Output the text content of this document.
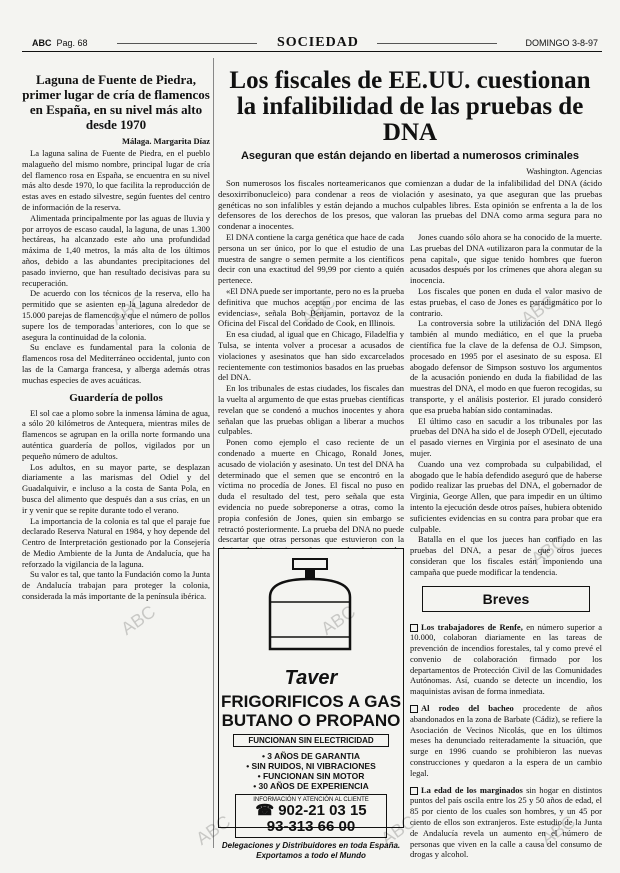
ABC Pag. 68	SOCIEDAD	DOMINGO 3-8-97
Laguna de Fuente de Piedra, primer lugar de cría de flamencos en España, en su nivel más alto desde 1970
Málaga. Margarita Díaz

La laguna salina de Fuente de Piedra, en el pueblo malagueño del mismo nombre, principal lugar de cría del flamenco rosa en España, se encuentra en su nivel más alto desde 1970, lo que facilita la reproducción de estas aves en estado silvestre, según fuentes del centro de información de la reserva.

Alimentada principalmente por las aguas de lluvia y por arroyos de escaso caudal, la laguna, de unas 1.300 hectáreas, ha alcanzado este año una profundidad máxima de 1,40 metros, la más alta de los últimos años, debido a las abundantes precipitaciones del pasado invierno, que han resultado decisivas para su recuperación.

De acuerdo con los técnicos de la reserva, ello ha permitido que se asienten en la laguna alrededor de 15.000 parejas de flamencos y que el número de pollos supere los de temporadas anteriores, con lo que se asegura la continuidad de la colonia.

Su enclave es fundamental para la colonia de flamencos rosa del Mediterráneo occidental, junto con las de la Camarga francesa, y alberga además otras muchas especies de aves acuáticas.

Guardería de pollos

El sol cae a plomo sobre la inmensa lámina de agua, a sólo 20 kilómetros de Antequera, mientras miles de flamencos se agrupan en la orilla norte formando una auténtica guardería de pollos, vigilados por un pequeño número de adultos.

Los adultos, en su mayor parte, se desplazan diariamente a las marismas del Odiel y del Guadalquivir, e incluso a la costa de Santa Pola, en busca del alimento que después dan a sus crías, en un ir y venir que se repite durante todo el verano.

La importancia de la colonia es tal que el paraje fue declarado Reserva Natural en 1984, y hoy depende del Centro de Interpretación gestionado por la Consejería de Medio Ambiente de la Junta de Andalucía, que ha reforzado la vigilancia de la laguna.

Su valor es tal, que tanto la Fundación como la Junta de Andalucía trabajan para proteger la colonia, considerada la más importante de la península ibérica.

Los fiscales de EE.UU. cuestionan la infalibilidad de las pruebas de DNA
Aseguran que están dejando en libertad a numerosos criminales
Washington. Agencias

Son numerosos los fiscales norteamericanos que comienzan a dudar de la infalibilidad del DNA (ácido desoxirribonucleico) para condenar a reos de violación y asesinato, ya que aseguran que las pruebas genéticas no son infalibles y están dejando a muchos culpables libres. Esta opinión se enfrenta a la de los defensores de los derechos de los presos, que valoran las pruebas del DNA como arma segura para no condenar a inocentes.

El DNA contiene la carga genética que hace de cada persona un ser único, por lo que el estudio de una muestra de sangre o semen permite a los científicos decir con una exactitud del 99,99 por ciento a quién pertenece.

«El DNA puede ser importante, pero no es la prueba definitiva que muchos aceptan por encima de las evidencias», señala Bob Benjamin, portavoz de la Oficina del Fiscal del Condado de Cook, en Illinois.

En esa ciudad, al igual que en Chicago, Filadelfia y Tulsa, se intenta volver a procesar a acusados de violaciones y asesinatos que han sido excarcelados recientemente con testimonios basados en las pruebas del DNA.

En los tribunales de estas ciudades, los fiscales dan la vuelta al argumento de que estas pruebas científicas revelan que se condenó a muchos inocentes y ahora señalan que las pruebas obligan a liberar a muchos culpables.

Ponen como ejemplo el caso reciente de un condenado a muerte en Chicago, Ronald Jones, acusado de violación y asesinato. Un test del DNA ha determinado que el semen que se encontró en la víctima no procedía de Jones. El fiscal no puso en duda el resultado del test, pero señala que esta evidencia no puede sobreponerse a otras, como la propia confesión de Jones, quien sin embargo se retractó posteriormente. La prueba del DNA no puede descartar que otras personas que estuvieron con la

Jones cuando sólo ahora se ha conocido de la muerte. Las pruebas del DNA «utilizaron para la conmutar de la pena capital», que sigue tenido hombres que fueron acusados después por los crímenes que ahora alegan su inocencia.

Los fiscales que ponen en duda el valor masivo de estas pruebas, el caso de Jones es paradigmático por lo contrario.

La controversia sobre la utilización del DNA llegó también al mundo mediático, en el que la prueba científica fue la clave de la defensa de O.J. Simpson, procesado en 1995 por el asesinato de su esposa. El abogado defensor de Simpson sostuvo los argumentos de la acusación poniendo en duda la fiabilidad de las muestras del DNA, el modo en que fueron recogidas, su transporte, y el análisis posterior. El jurado consideró que esa prueba habían sido contaminadas.

El último caso en sacudir a los tribunales por las pruebas del DNA ha sido el de Joseph O'Dell, ejecutado el pasado viernes en Virginia por el asesinato de una mujer.

Cuando una vez comprobada su culpabilidad, el abogado que le había defendido aseguró que de haberse podido realizar las pruebas del DNA, el gobernador de Virginia, George Allen, que para impedir en un último intento la ejecución desde otros países, hubiera obtenido suficientes evidencias en su contra para probar que era culpable.

Batalla en el que los jueces han confiado en las pruebas del DNA, a pesar de que otros jueces consideran que los fiscales están imponiendo una campaña que puede modificar la tendencia.

Breves

Los trabajadores de Renfe, en número superior a 10.000, colaboran diariamente en las tareas de prevención de incendios forestales, tal y como prevé el convenio de colaboración firmado por los departamentos de Protección Civil de las Comunidades Autónomas. Así, cuando se detecte un incendio, los maquinistas avisan de forma inmediata.

Al rodeo del bacheo procedente de años abandonados en la zona de Barbate (Cádiz), se refiere la Asociación de Vecinos Nicolás, que en los últimos meses ha denunciado reiteradamente la situación, que surge en 1996 cuando se prohibieron las nuevas construcciones y quedaron a la espera de un cambio legal.

La edad de los marginados sin hogar en distintos puntos del país oscila entre los 25 y 50 años de edad, el 85 por ciento de los cuales son hombres, y un 45 por ciento de ellos son extranjeros. Este estudio de la Junta de Andalucía revela un aumento en el número de personas que viven en la calle a causa del consumo de drogas y alcohol.

Taver
FRIGORIFICOS A GAS BUTANO O PROPANO
FUNCIONAN SIN ELECTRICIDAD
• 3 AÑOS DE GARANTIA
• SIN RUIDOS, NI VIBRACIONES
• FUNCIONAN SIN MOTOR
• 30 AÑOS DE EXPERIENCIA
INFORMACIÓN Y ATENCIÓN AL CLIENTE
☎ 902-21 03 15
93-313 66 00
Delegaciones y Distribuidores en toda España.
Exportamos a todo el Mundo
ABC
ABC
ABC
ABC
ABC
ABC
ABC
ABC
